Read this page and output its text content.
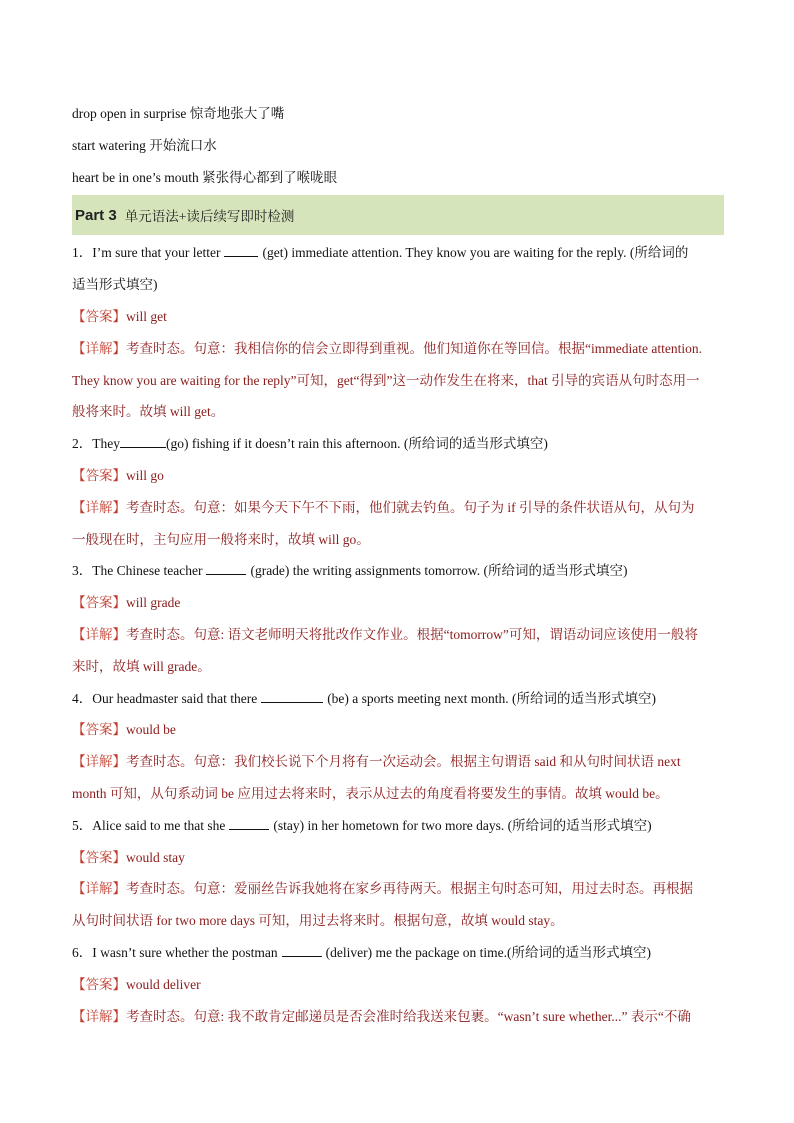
drop open in surprise 惊奇地张大了嘴
start watering 开始流口水
heart be in one’s mouth 紧张得心都到了喉咙眼
Part 3 单元语法+读后续写即时检测
1．I’m sure that your letter	(get) immediate attention. They know you are waiting for the reply. (所给词的
适当形式填空)
【答案】will get
【详解】考查时态。句意：我相信你的信会立即得到重视。他们知道你在等回信。根据“immediate attention.
They know you are waiting for the reply”可知，get“得到”这一动作发生在将来，that 引导的宾语从句时态用一
般将来时。故填 will get。
2．They	(go) fishing if it doesn’t rain this afternoon. (所给词的适当形式填空)
【答案】will go
【详解】考查时态。句意：如果今天下午不下雨，他们就去钓鱼。句子为 if 引导的条件状语从句，从句为
一般现在时，主句应用一般将来时，故填 will go。
3．The Chinese teacher	(grade) the writing assignments tomorrow. (所给词的适当形式填空)
【答案】will grade
【详解】考查时态。句意: 语文老师明天将批改作文作业。根据“tomorrow”可知，谓语动词应该使用一般将
来时，故填 will grade。
4．Our headmaster said that there	(be) a sports meeting next month. (所给词的适当形式填空)
【答案】would be
【详解】考查时态。句意：我们校长说下个月将有一次运动会。根据主句谓语 said 和从句时间状语 next
month 可知，从句系动词 be 应用过去将来时，表示从过去的角度看将要发生的事情。故填 would be。
5．Alice said to me that she	(stay) in her hometown for two more days. (所给词的适当形式填空)
【答案】would stay
【详解】考查时态。句意：爱丽丝告诉我她将在家乡再待两天。根据主句时态可知，用过去时态。再根据
从句时间状语 for two more days 可知，用过去将来时。根据句意，故填 would stay。
6．I wasn’t sure whether the postman	(deliver) me the package on time.(所给词的适当形式填空)
【答案】would deliver
【详解】考查时态。句意: 我不敢肯定邮递员是否会准时给我送来包裹。“wasn’t sure whether...” 表示“不确
